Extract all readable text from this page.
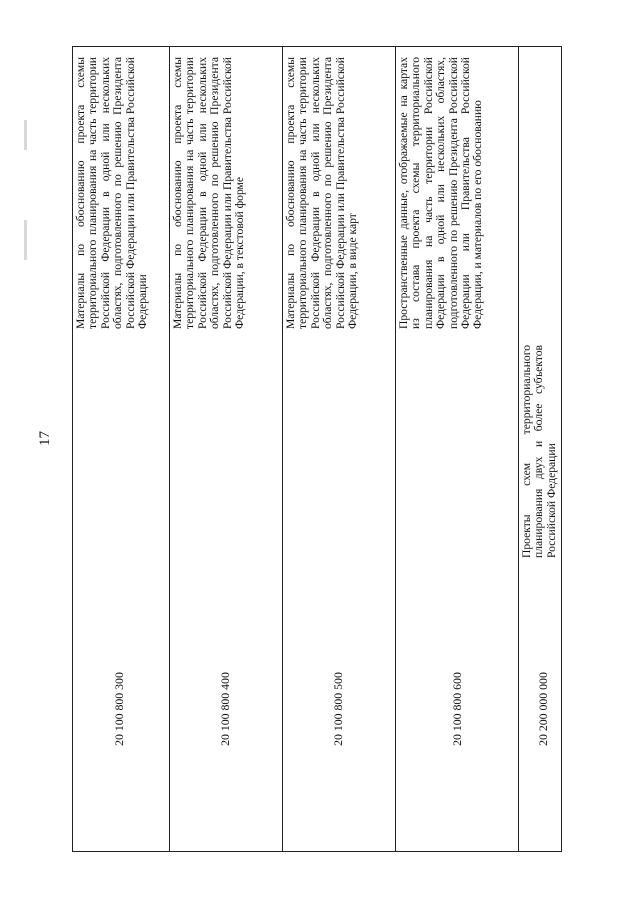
17
Материалы по обоснованию проекта схемы территориального планирования на часть территории Российской Федерации в одной или нескольких областях, подготовленного по решению Президента Российской Федерации или Правительства Российской Федерации
20 100 800 300
Материалы по обоснованию проекта схемы территориального планирования на часть территории Российской Федерации в одной или нескольких областях, подготовленного по решению Президента Российской Федерации или Правительства Российской Федерации, в текстовой форме
20 100 800 400
Материалы по обоснованию проекта схемы территориального планирования на часть территории Российской Федерации в одной или нескольких областях, подготовленного по решению Президента Российской Федерации или Правительства Российской Федерации, в виде карт
20 100 800 500
Пространственные данные, отображаемые на картах из состава проекта схемы территориального планирования на часть территории Российской Федерации в одной или нескольких областях, подготовленного по решению Президента Российской Федерации или Правительства Российской Федерации, и материалов по его обоснованию
20 100 800 600
Проекты схем территориального планирования двух и более субъектов Российской Федерации
20 200 000 000
